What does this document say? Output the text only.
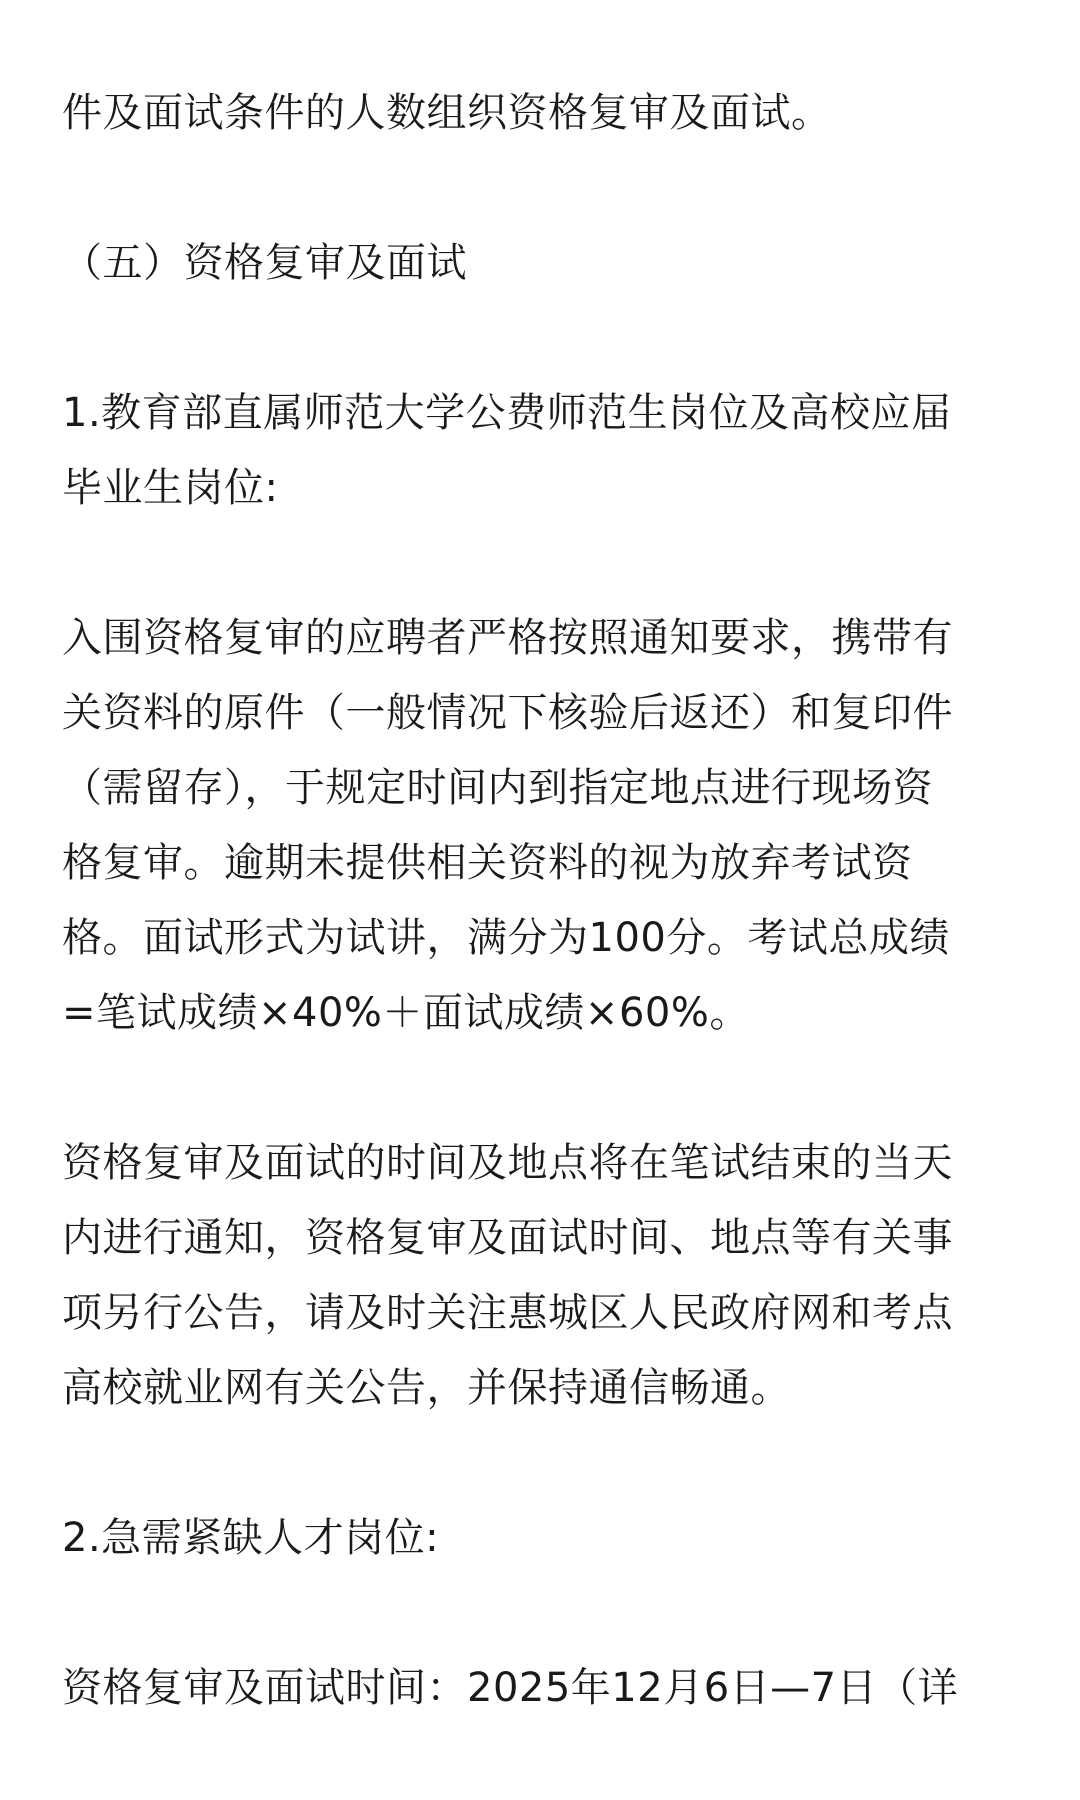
件及面试条件的人数组织资格复审及面试。

（五）资格复审及面试

1.教育部直属师范大学公费师范生岗位及高校应届
毕业生岗位:

入围资格复审的应聘者严格按照通知要求，携带有
关资料的原件（一般情况下核验后返还）和复印件
（需留存），于规定时间内到指定地点进行现场资
格复审。逾期未提供相关资料的视为放弃考试资
格。面试形式为试讲，满分为100分。考试总成绩
=笔试成绩×40%＋面试成绩×60%。

资格复审及面试的时间及地点将在笔试结束的当天
内进行通知，资格复审及面试时间、地点等有关事
项另行公告，请及时关注惠城区人民政府网和考点
高校就业网有关公告，并保持通信畅通。

2.急需紧缺人才岗位:

资格复审及面试时间：2025年12月6日—7日（详
